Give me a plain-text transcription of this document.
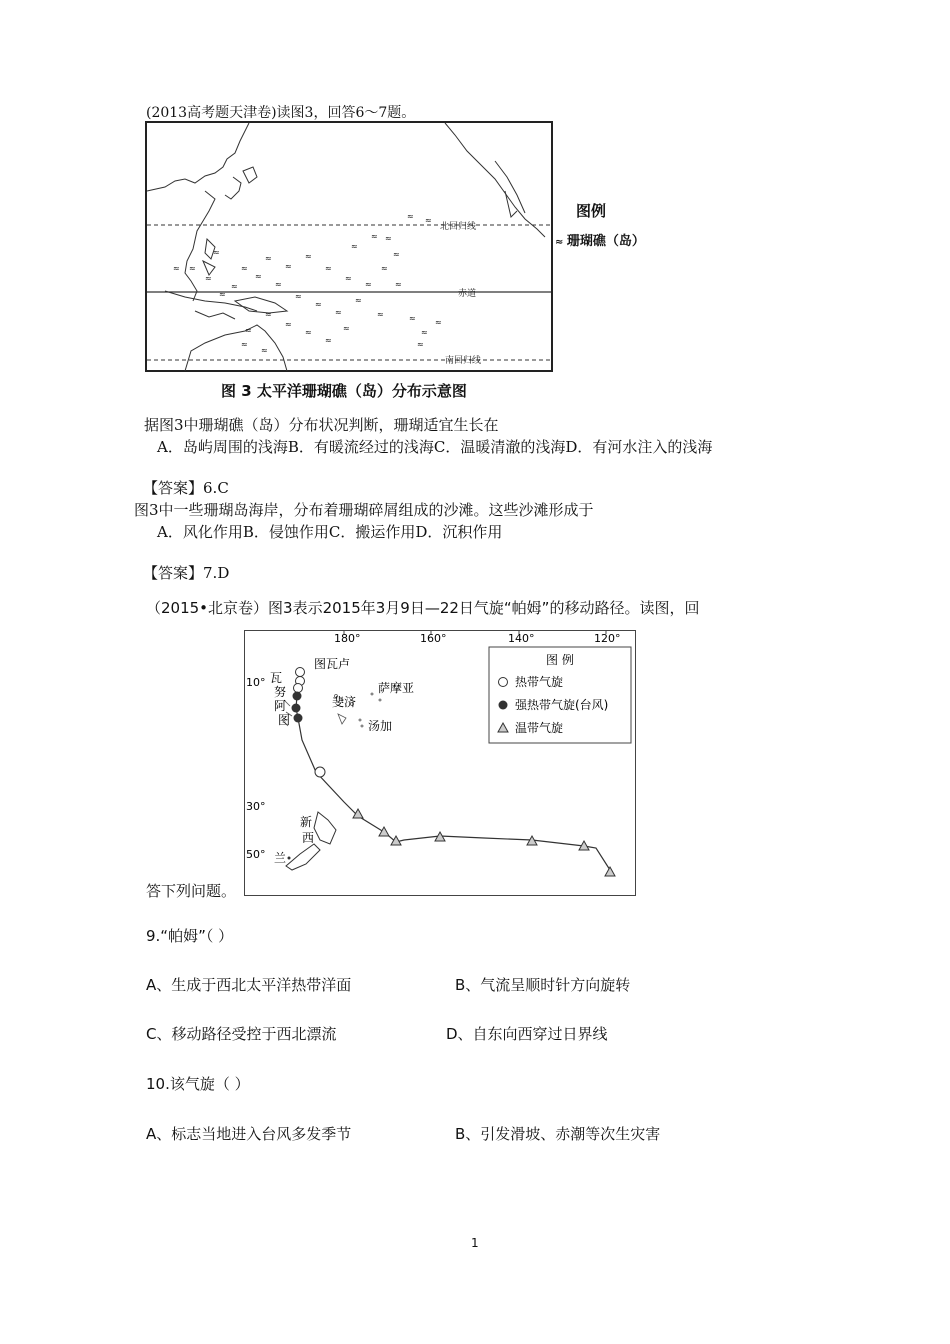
(2013高考题天津卷)读图3，回答6～7题。
北回归线
赤道
南回归线
≈ ≈
≈
≈
≈
≈
≈
≈
≈
≈
≈
≈
≈
≈
≈
≈
≈
≈
≈
≈
≈
≈
≈
≈
≈
≈
≈
≈
≈
≈
≈
≈
≈
≈
≈
≈	≈
≈
≈
≈
图例
≈ 珊瑚礁（岛）
图 3 太平洋珊瑚礁（岛）分布示意图
据图3中珊瑚礁（岛）分布状况判断，珊瑚适宜生长在
A．岛屿周围的浅海B．有暖流经过的浅海C．温暖清澈的浅海D．有河水注入的浅海
【答案】6.C
图3中一些珊瑚岛海岸，分布着珊瑚碎屑组成的沙滩。这些沙滩形成于
A．风化作用B．侵蚀作用C．搬运作用D．沉积作用
【答案】7.D
（2015•北京卷）图3表示2015年3月9日—22日气旋“帕姆”的移动路径。读图，回
180°	160°	140°	120°
10°
30°
50°
图瓦卢
萨摩亚
斐济
汤加
瓦
努
阿
图
新
西
兰
图 例
热带气旋
强热带气旋(台风)
温带气旋
答下列问题。
9.“帕姆”（ ）
A、生成于西北太平洋热带洋面	B、气流呈顺时针方向旋转
C、移动路径受控于西北漂流	D、自东向西穿过日界线
10.该气旋（ ）
A、标志当地进入台风多发季节	B、引发滑坡、赤潮等次生灾害
1
